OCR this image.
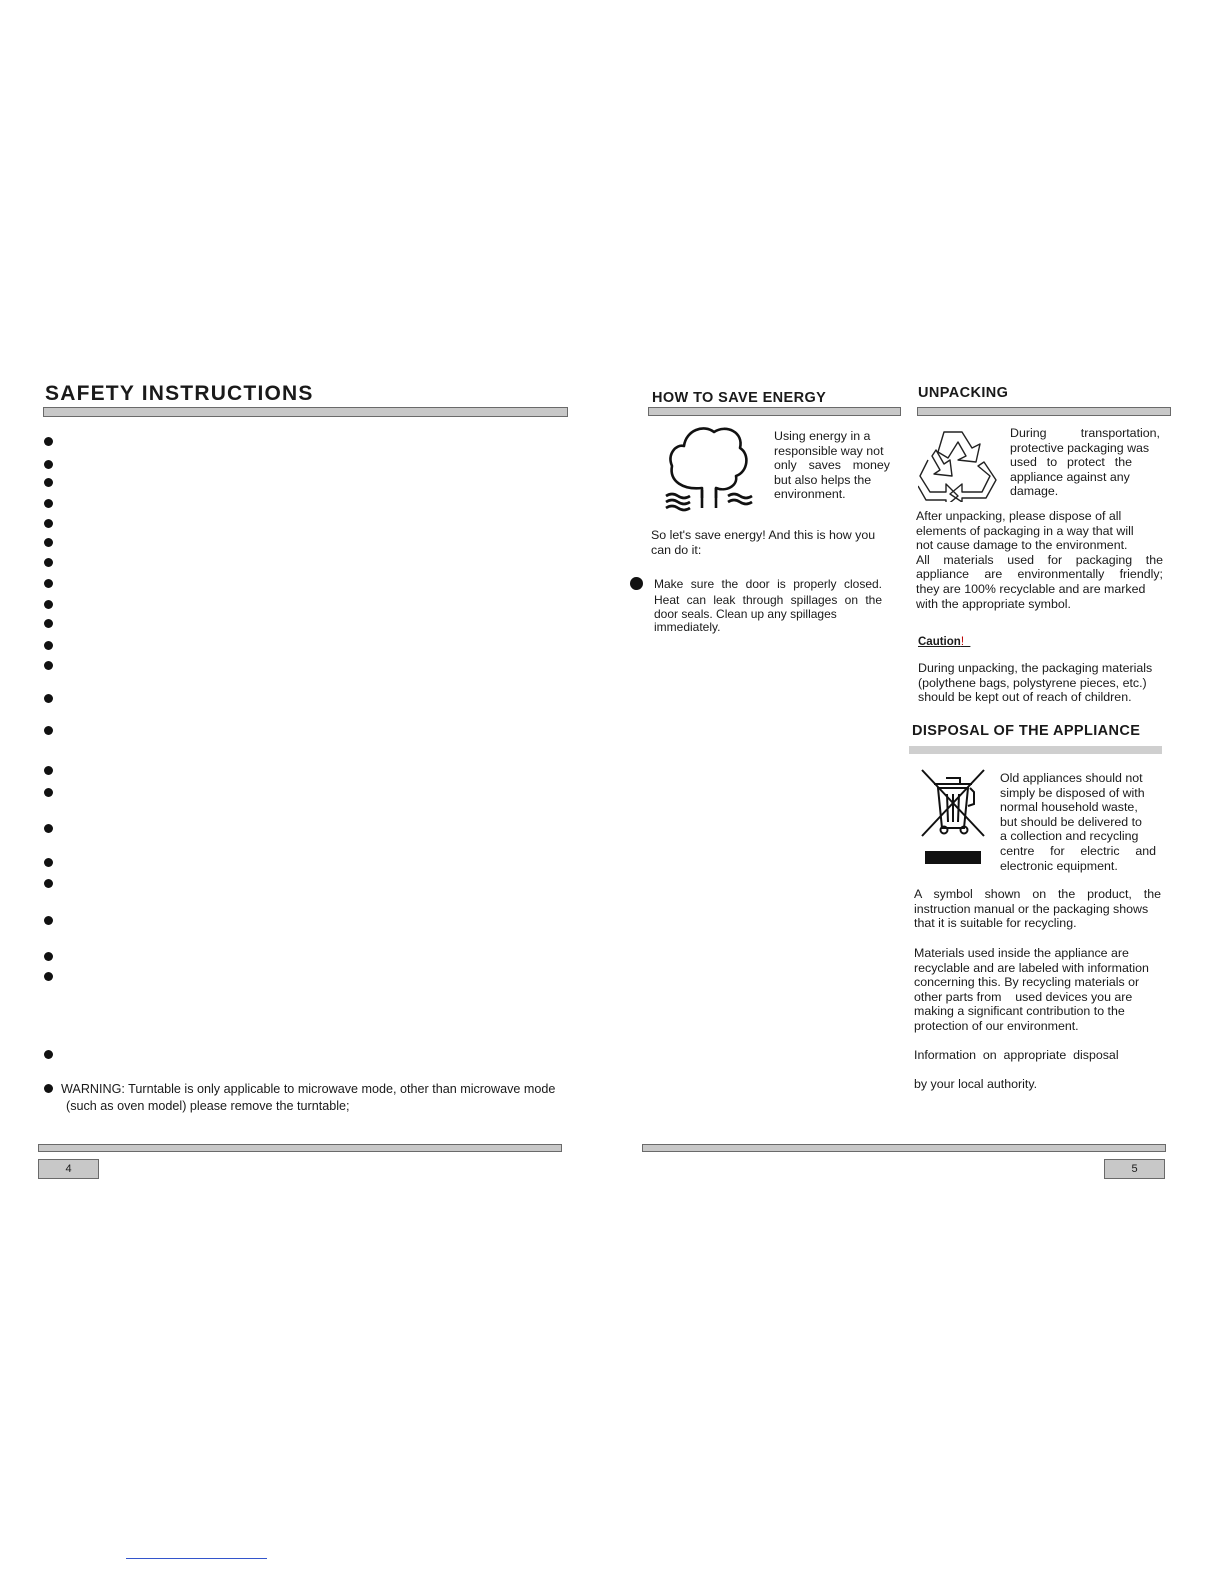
SAFETY INSTRUCTIONS
WARNING: Turntable is only applicable to microwave mode, other than microwave mode
(such as oven model) please remove the turntable;
4
HOW TO SAVE ENERGY
Using energy in a
responsible way not
only saves money
but also helps the
environment.
So let's save energy! And this is how you
can do it:
Make sure the door is properly closed.
Heat can leak through spillages on the
door seals. Clean up any spillages
immediately.
UNPACKING
During transportation,
protective packaging was
used to protect the
appliance against any
damage.
After unpacking, please dispose of all
elements of packaging in a way that will
not cause damage to the environment.
All materials used for packaging the
appliance are environmentally friendly;
they are 100% recyclable and are marked
with the appropriate symbol.
Caution!
During unpacking, the packaging materials
(polythene bags, polystyrene pieces, etc.)
should be kept out of reach of children.
DISPOSAL OF THE APPLIANCE
Old appliances should not
simply be disposed of with
normal household waste,
but should be delivered to
a collection and recycling
centre for electric and
electronic equipment.
A symbol shown on the product, the
instruction manual or the packaging shows
that it is suitable for recycling.
Materials used inside the appliance are
recyclable and are labeled with information
concerning this. By recycling materials or
other parts from    used devices you are
making a significant contribution to the
protection of our environment.
Information  on  appropriate  disposal
by your local authority.
5
